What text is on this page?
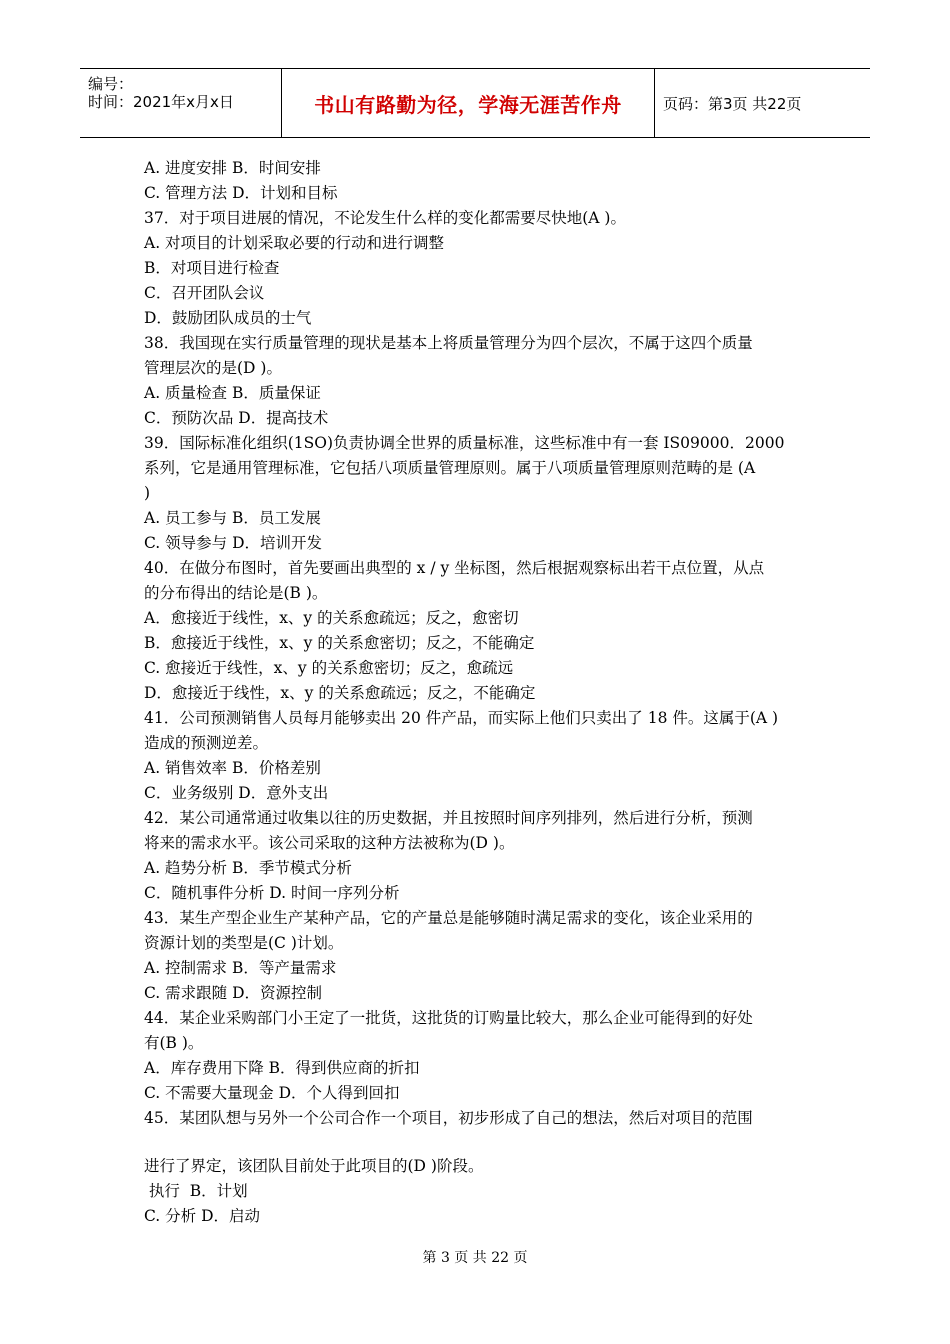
编号：
时间：2021年x月x日	书山有路勤为径，学海无涯苦作舟	页码：第3页 共22页
A. 进度安排 B．时间安排
C. 管理方法 D．计划和目标
37．对于项目进展的情况，不论发生什么样的变化都需要尽快地(A )。
A. 对项目的计划采取必要的行动和进行调整
B．对项目进行检查
C．召开团队会议
D．鼓励团队成员的士气
38．我国现在实行质量管理的现状是基本上将质量管理分为四个层次，不属于这四个质量
管理层次的是(D )。
A. 质量检查 B．质量保证
C．预防次品 D．提高技术
39．国际标准化组织(1SO)负责协调全世界的质量标准，这些标准中有一套 IS09000．2000
系列，它是通用管理标准，它包括八项质量管理原则。属于八项质量管理原则范畴的是 (A
)
A. 员工参与 B．员工发展
C. 领导参与 D．培训开发
40．在做分布图时，首先要画出典型的 x / y 坐标图，然后根据观察标出若干点位置，从点
的分布得出的结论是(B )。
A．愈接近于线性，x、y 的关系愈疏远；反之，愈密切
B．愈接近于线性，x、y 的关系愈密切；反之，不能确定
C. 愈接近于线性，x、y 的关系愈密切；反之，愈疏远
D．愈接近于线性，x、y 的关系愈疏远；反之，不能确定
41．公司预测销售人员每月能够卖出 20 件产品，而实际上他们只卖出了 18 件。这属于(A )
造成的预测逆差。
A. 销售效率 B．价格差别
C．业务级别 D．意外支出
42．某公司通常通过收集以往的历史数据，并且按照时间序列排列，然后进行分析，预测
将来的需求水平。该公司采取的这种方法被称为(D )。
A. 趋势分析 B．季节模式分析
C．随机事件分析 D. 时间一序列分析
43．某生产型企业生产某种产品，它的产量总是能够随时满足需求的变化，该企业采用的
资源计划的类型是(C )计划。
A. 控制需求 B．等产量需求
C. 需求跟随 D．资源控制
44．某企业采购部门小王定了一批货，这批货的订购量比较大，那么企业可能得到的好处
有(B )。
A．库存费用下降 B．得到供应商的折扣
C. 不需要大量现金 D．个人得到回扣
45．某团队想与另外一个公司合作一个项目，初步形成了自己的想法，然后对项目的范围
进行了界定，该团队目前处于此项目的(D )阶段。
执行  B．计划
C. 分析 D．启动
第 3 页 共 22 页
